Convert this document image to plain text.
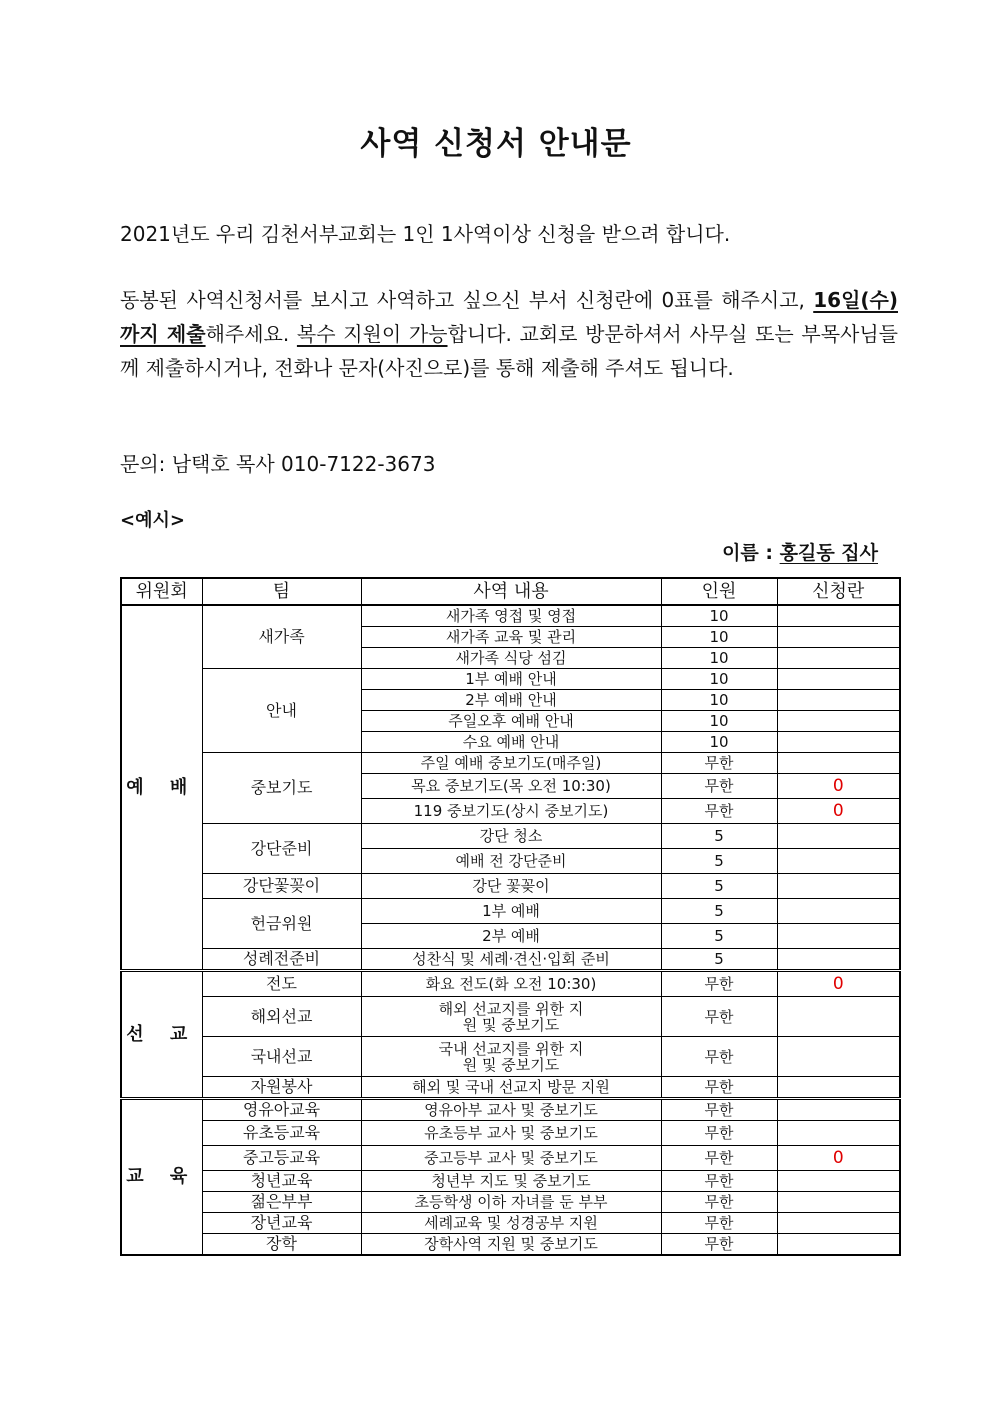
사역 신청서 안내문
2021년도 우리 김천서부교회는 1인 1사역이상 신청을 받으려 합니다.
동봉된 사역신청서를 보시고 사역하고 싶으신 부서 신청란에 0표를 해주시고, 16일(수)까지 제출해주세요. 복수 지원이 가능합니다. 교회로 방문하셔서 사무실 또는 부목사님들께 제출하시거나, 전화나 문자(사진으로)를 통해 제출해 주셔도 됩니다.
문의: 남택호 목사 010-7122-3673
<예시>
이름 : 홍길동 집사
위원회	팀	사역 내용	인원	신청란
예 배	새가족	새가족 영접 및 영접	10	
		새가족 교육 및 관리	10	
		새가족 식당 섬김	10	
	안내	1부 예배 안내	10	
		2부 예배 안내	10	
		주일오후 예배 안내	10	
		수요 예배 안내	10	
	중보기도	주일 예배 중보기도(매주일)	무한	
		목요 중보기도(목 오전 10:30)	무한	0
		119 중보기도(상시 중보기도)	무한	0
	강단준비	강단 청소	5	
		예배 전 강단준비	5	
	강단꽃꽂이	강단 꽃꽂이	5	
	헌금위원	1부 예배	5	
		2부 예배	5	
	성례전준비	성찬식 및 세례·견신·입회 준비	5	
선 교	전도	화요 전도(화 오전 10:30)	무한	0
	해외선교	해외 선교지를 위한 지원 및 중보기도	무한	
	국내선교	국내 선교지를 위한 지원 및 중보기도	무한	
	자원봉사	해외 및 국내 선교지 방문 지원	무한	
교 육	영유아교육	영유아부 교사 및 중보기도	무한	
	유초등교육	유초등부 교사 및 중보기도	무한	
	중고등교육	중고등부 교사 및 중보기도	무한	0
	청년교육	청년부 지도 및 중보기도	무한	
	젊은부부	초등학생 이하 자녀를 둔 부부	무한	
	장년교육	세례교육 및 성경공부 지원	무한	
	장학	장학사역 지원 및 중보기도	무한	
